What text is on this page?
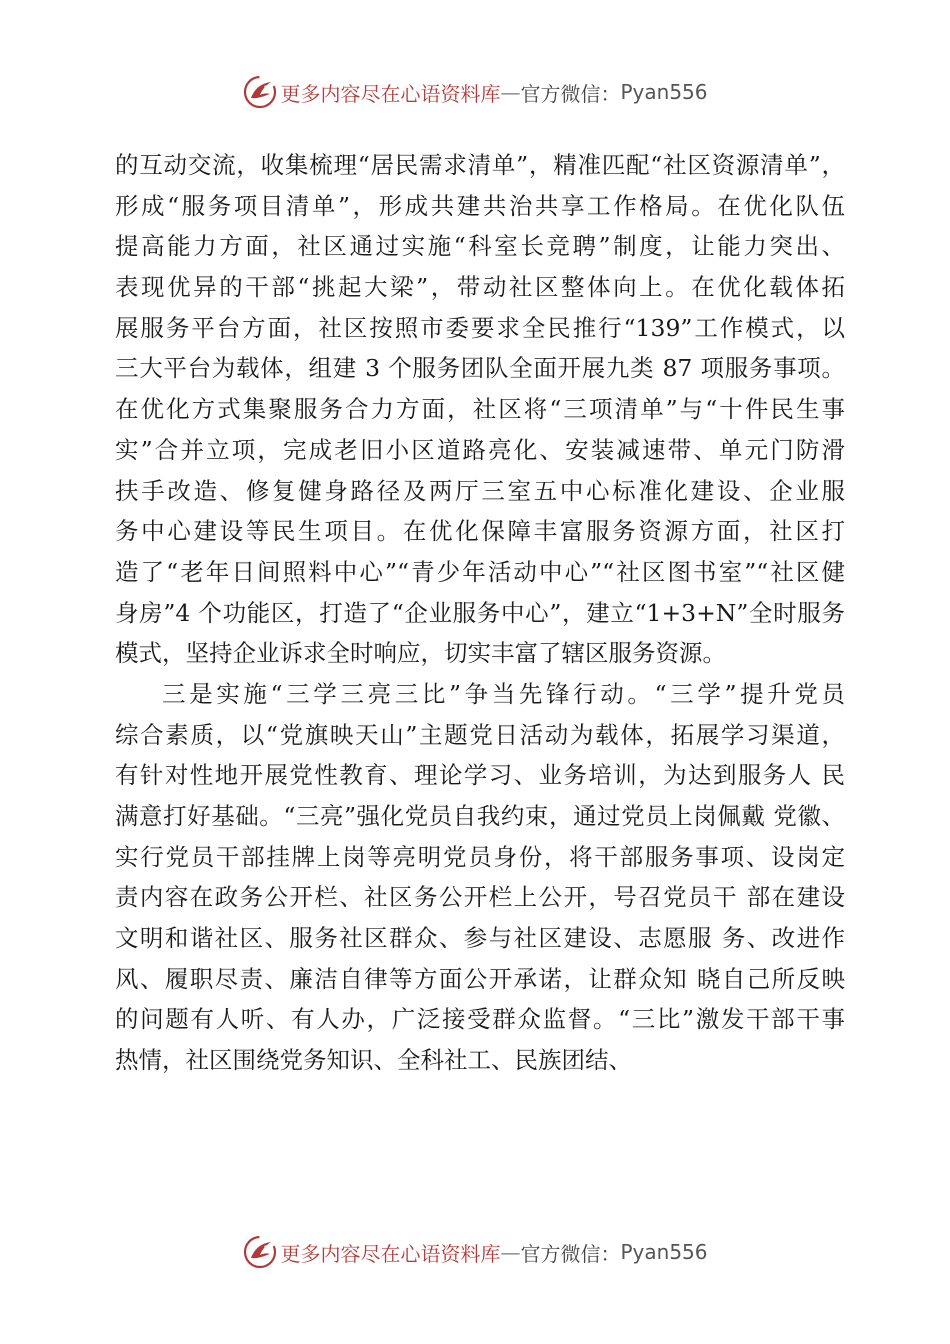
更多内容尽在心语资料库 — 官方微信： Pyan556
的互动交流，收集梳理“居民需求清单”，精准匹配“社区资源清单”，
形成“服务项目清单”，形成共建共治共享工作格局。在优化队伍
提高能力方面，社区通过实施“科室长竞聘”制度，让能力突出、
表现优异的干部“挑起大梁”，带动社区整体向上。在优化载体拓
展服务平台方面，社区按照市委要求全民推行“139”工作模式，以
三大平台为载体，组建 3 个服务团队全面开展九类 87 项服务事项。
在优化方式集聚服务合力方面，社区将“三项清单”与“十件民生事
实”合并立项，完成老旧小区道路亮化、安装减速带、单元门防滑
扶手改造、修复健身路径及两厅三室五中心标准化建设、企业服
务中心建设等民生项目。在优化保障丰富服务资源方面，社区打
造了“老年日间照料中心”“青少年活动中心”“社区图书室”“社区健
身房”4 个功能区，打造了“企业服务中心”，建立“1+3+N”全时服务
模式，坚持企业诉求全时响应，切实丰富了辖区服务资源。
三是实施“三学三亮三比”争当先锋行动。“三学”提升党员
综合素质，以“党旗映天山”主题党日活动为载体，拓展学习渠道，
有针对性地开展党性教育、理论学习、业务培训，为达到服务人 民
满意打好基础。“三亮”强化党员自我约束，通过党员上岗佩戴 党徽、
实行党员干部挂牌上岗等亮明党员身份，将干部服务事项、设岗定
责内容在政务公开栏、社区务公开栏上公开，号召党员干 部在建设
文明和谐社区、服务社区群众、参与社区建设、志愿服 务、改进作
风、履职尽责、廉洁自律等方面公开承诺，让群众知 晓自己所反映
的问题有人听、有人办，广泛接受群众监督。“三比”激发干部干事
热情，社区围绕党务知识、全科社工、民族团结、
更多内容尽在心语资料库 — 官方微信： Pyan556
